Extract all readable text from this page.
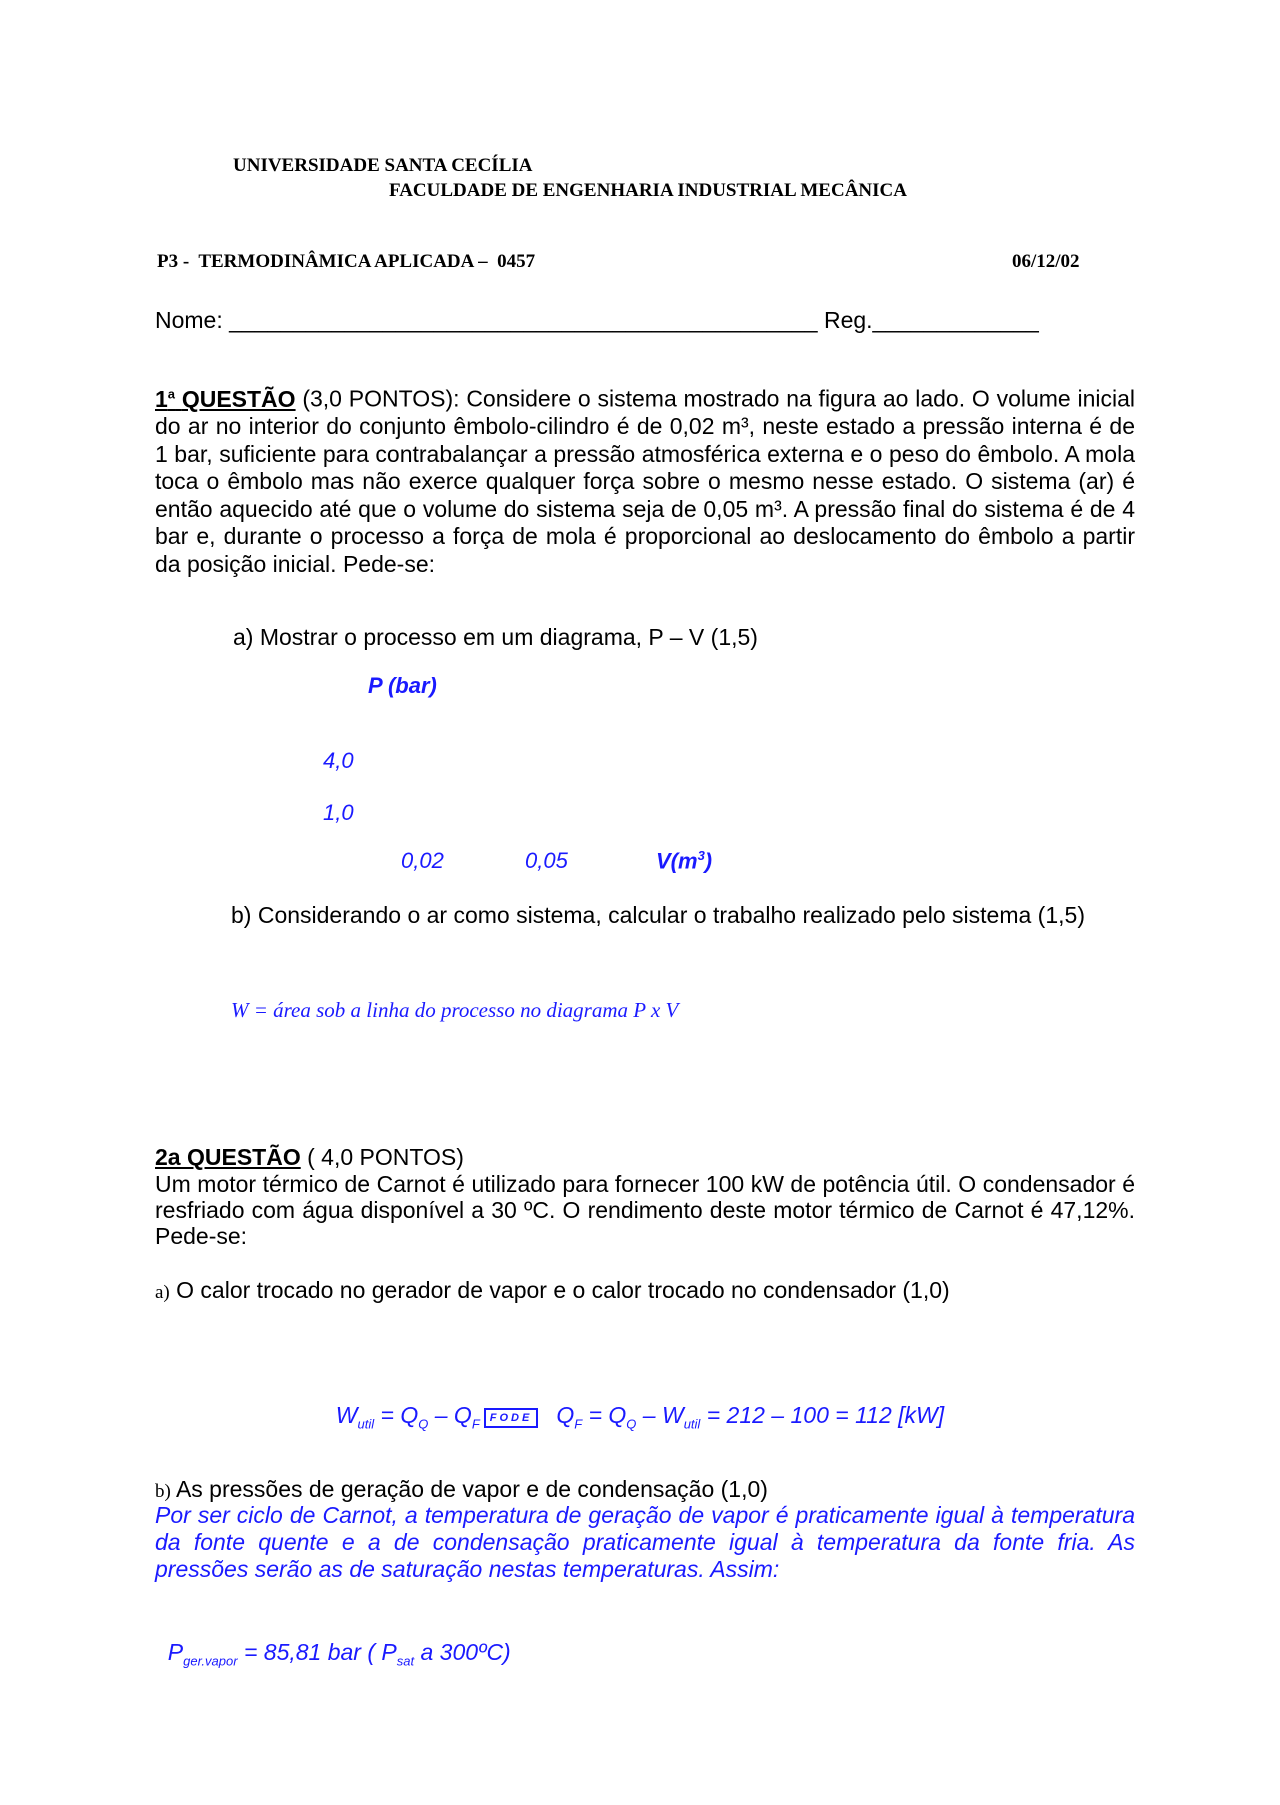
UNIVERSIDADE SANTA CECÍLIA
FACULDADE DE ENGENHARIA INDUSTRIAL MECÂNICA
P3 -  TERMODINÂMICA APLICADA –  0457	06/12/02
Nome: ______________________________________________ Reg._____________
1$^a$ QUESTÃO (3,0 PONTOS): Considere o sistema mostrado na figura ao lado. O volume inicial do ar no interior do conjunto êmbolo-cilindro é de 0,02 m³, neste estado a pressão interna é de 1 bar, suficiente para contrabalançar a pressão atmosférica externa e o peso do êmbolo. A mola toca o êmbolo mas não exerce qualquer força sobre o mesmo nesse estado. O sistema (ar) é então aquecido até que o volume do sistema seja de 0,05 m³. A pressão final do sistema é de 4 bar e, durante o processo a força de mola é proporcional ao deslocamento do êmbolo a partir da posição inicial. Pede-se:
a) Mostrar o processo em um diagrama, P – V (1,5)
P (bar)
4,0
1,0
0,02	0,05	$V(m^3)$
b) Considerando o ar como sistema, calcular o trabalho realizado pelo sistema (1,5)
W = área sob a linha do processo no diagrama P x V
2a QUESTÃO ( 4,0 PONTOS)
Um motor térmico de Carnot é utilizado para fornecer 100 kW de potência útil. O condensador é resfriado com água disponível a 30 ºC. O rendimento deste motor térmico de Carnot é 47,12%. Pede-se:
a) O calor trocado no gerador de vapor e o calor trocado no condensador (1,0)

$W_{util} = Q_Q - Q_F$ FODE $Q_F = Q_Q - W_{util} = 212 - 100 = 112$ [kW]

b) As pressões de geração de vapor e de condensação (1,0)
Por ser ciclo de Carnot, a temperatura de geração de vapor é praticamente igual à temperatura da fonte quente e a de condensação praticamente igual à temperatura da fonte fria. As pressões serão as de saturação nestas temperaturas. Assim:

$P_{ger.vapor} = 85,81$ bar ( $P_{sat}$ a 300ºC)
